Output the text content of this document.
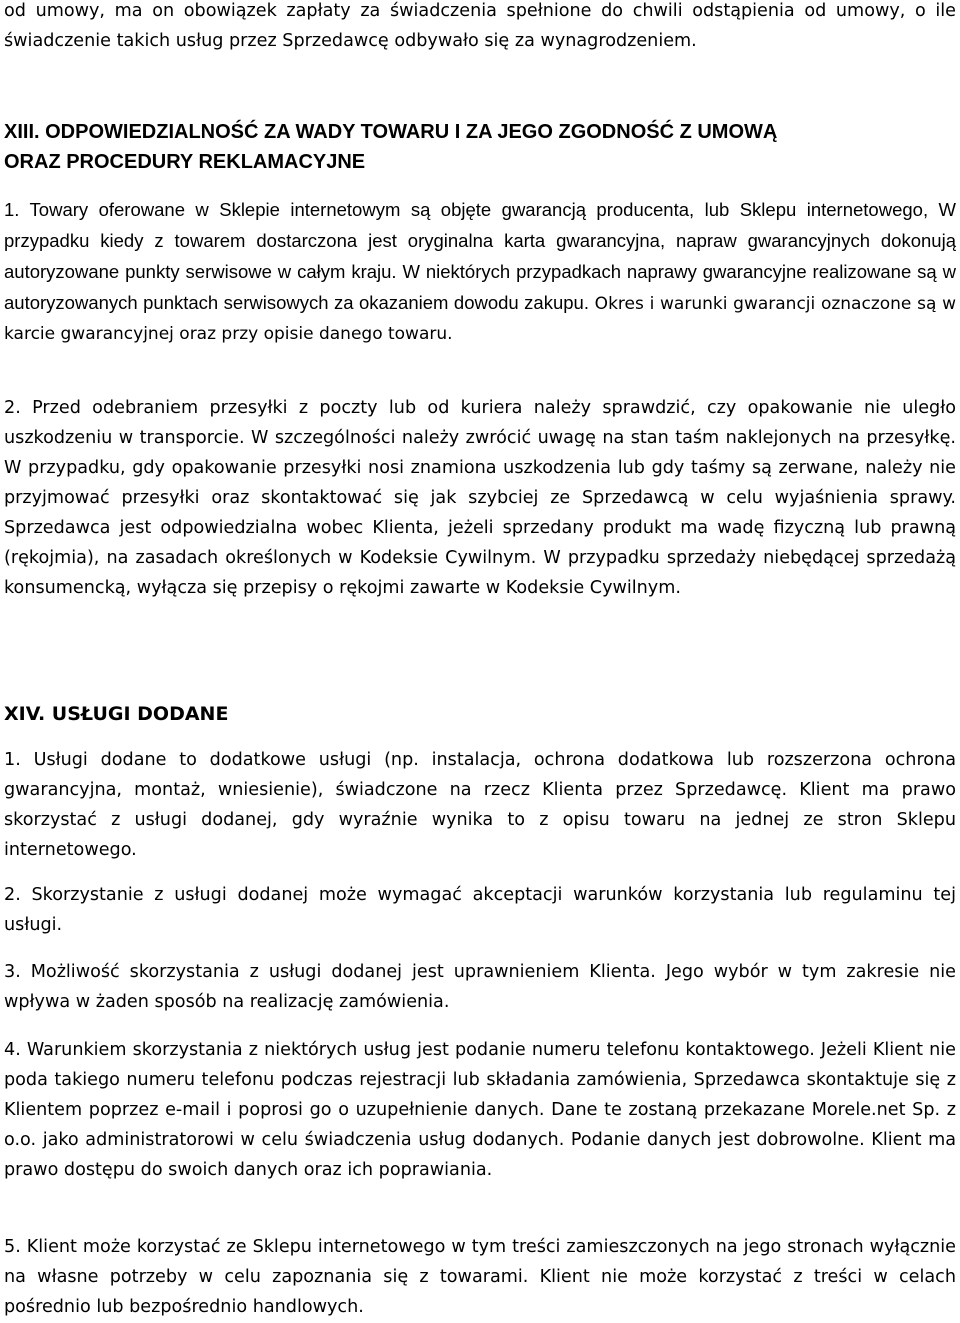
od umowy, ma on obowiązek zapłaty za świadczenia spełnione do chwili odstąpienia od umowy, o ile świadczenie takich usług przez Sprzedawcę odbywało się za wynagrodzeniem.

XIII. ODPOWIEDZIALNOŚĆ ZA WADY TOWARU I ZA JEGO ZGODNOŚĆ Z UMOWĄ
ORAZ PROCEDURY REKLAMACYJNE

1. Towary oferowane w Sklepie internetowym są objęte gwarancją producenta, lub Sklepu internetowego, W przypadku kiedy z towarem dostarczona jest oryginalna karta gwarancyjna, napraw gwarancyjnych dokonują autoryzowane punkty serwisowe w całym kraju. W niektórych przypadkach naprawy gwarancyjne realizowane są w autoryzowanych punktach serwisowych za okazaniem dowodu zakupu. Okres i warunki gwarancji oznaczone są w karcie gwarancyjnej oraz przy opisie danego towaru.

2. Przed odebraniem przesyłki z poczty lub od kuriera należy sprawdzić, czy opakowanie nie uległo uszkodzeniu w transporcie. W szczególności należy zwrócić uwagę na stan taśm naklejonych na przesyłkę. W przypadku, gdy opakowanie przesyłki nosi znamiona uszkodzenia lub gdy taśmy są zerwane, należy nie przyjmować przesyłki oraz skontaktować się jak szybciej ze Sprzedawcą w celu wyjaśnienia sprawy. Sprzedawca jest odpowiedzialna wobec Klienta, jeżeli sprzedany produkt ma wadę fizyczną lub prawną (rękojmia), na zasadach określonych w Kodeksie Cywilnym. W przypadku sprzedaży niebędącej sprzedażą konsumencką, wyłącza się przepisy o rękojmi zawarte w Kodeksie Cywilnym.

XIV. USŁUGI DODANE

1. Usługi dodane to dodatkowe usługi (np. instalacja, ochrona dodatkowa lub rozszerzona ochrona gwarancyjna, montaż, wniesienie), świadczone na rzecz Klienta przez Sprzedawcę. Klient ma prawo skorzystać z usługi dodanej, gdy wyraźnie wynika to z opisu towaru na jednej ze stron Sklepu internetowego.

2. Skorzystanie z usługi dodanej może wymagać akceptacji warunków korzystania lub regulaminu tej usługi.

3. Możliwość skorzystania z usługi dodanej jest uprawnieniem Klienta. Jego wybór w tym zakresie nie wpływa w żaden sposób na realizację zamówienia.

4. Warunkiem skorzystania z niektórych usług jest podanie numeru telefonu kontaktowego. Jeżeli Klient nie poda takiego numeru telefonu podczas rejestracji lub składania zamówienia, Sprzedawca skontaktuje się z Klientem poprzez e-mail i poprosi go o uzupełnienie danych. Dane te zostaną przekazane Morele.net Sp. z o.o. jako administratorowi w celu świadczenia usług dodanych. Podanie danych jest dobrowolne. Klient ma prawo dostępu do swoich danych oraz ich poprawiania.

5. Klient może korzystać ze Sklepu internetowego w tym treści zamieszczonych na jego stronach wyłącznie na własne potrzeby w celu zapoznania się z towarami. Klient nie może korzystać z treści w celach pośrednio lub bezpośrednio handlowych.
